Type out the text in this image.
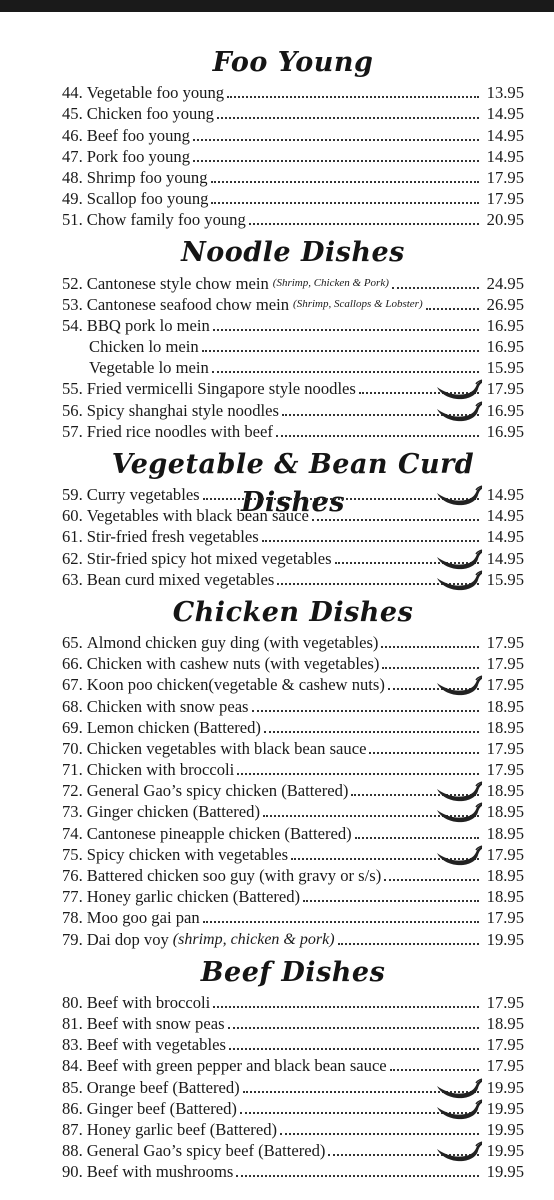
Foo Young
44. Vegetable foo young	13.95
45. Chicken foo young	14.95
46. Beef foo young	14.95
47. Pork foo young	14.95
48. Shrimp foo young	17.95
49. Scallop foo young	17.95
51. Chow family foo young	20.95
Noodle Dishes
52. Cantonese style chow mein (Shrimp, Chicken & Pork)	24.95
53. Cantonese seafood chow mein (Shrimp, Scallops & Lobster)	26.95
54. BBQ pork lo mein	16.95
Chicken lo mein	16.95
Vegetable lo mein	15.95
55. Fried vermicelli Singapore style noodles	17.95
56. Spicy shanghai style noodles	16.95
57. Fried rice noodles with beef	16.95
Vegetable & Bean Curd Dishes
59. Curry vegetables	14.95
60. Vegetables with black bean sauce	14.95
61. Stir-fried fresh vegetables	14.95
62. Stir-fried spicy hot mixed vegetables	14.95
63. Bean curd mixed vegetables	15.95
Chicken Dishes
65. Almond chicken guy ding (with vegetables)	17.95
66. Chicken with cashew nuts (with vegetables)	17.95
67. Koon poo chicken(vegetable & cashew nuts)	17.95
68. Chicken with snow peas	18.95
69. Lemon chicken (Battered)	18.95
70. Chicken vegetables with black bean sauce	17.95
71. Chicken with broccoli	17.95
72. General Gao’s spicy chicken (Battered)	18.95
73. Ginger chicken (Battered)	18.95
74. Cantonese pineapple chicken (Battered)	18.95
75. Spicy chicken with vegetables	17.95
76. Battered chicken soo guy (with gravy or s/s)	18.95
77. Honey garlic chicken (Battered)	18.95
78. Moo goo gai pan	17.95
79. Dai dop voy (shrimp, chicken & pork)	19.95
Beef Dishes
80. Beef with broccoli	17.95
81. Beef with snow peas	18.95
83. Beef with vegetables	17.95
84. Beef with green pepper and black bean sauce	17.95
85. Orange beef (Battered)	19.95
86. Ginger beef (Battered)	19.95
87. Honey garlic beef (Battered)	19.95
88. General Gao’s spicy beef (Battered)	19.95
90. Beef with mushrooms	19.95
